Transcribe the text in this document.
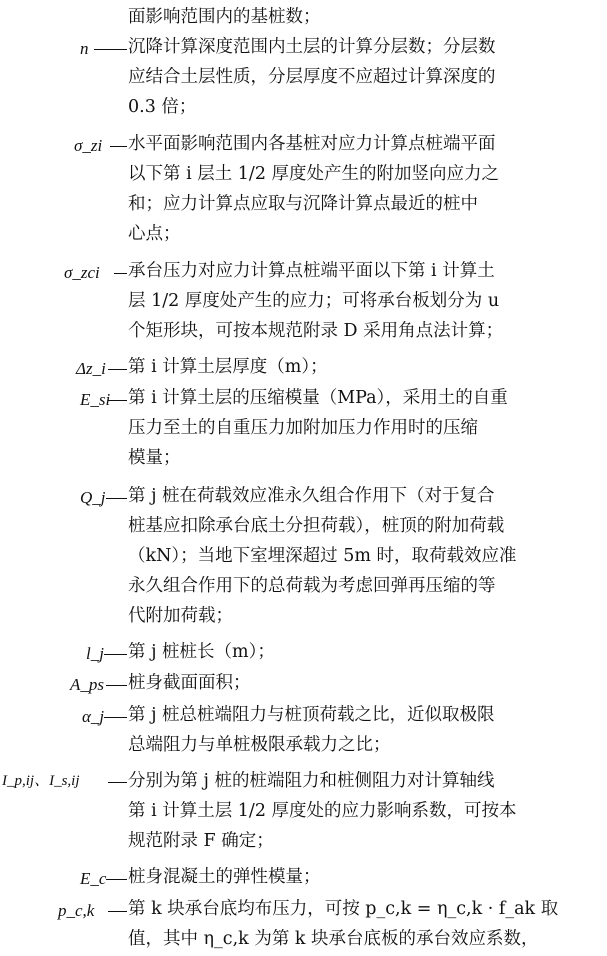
面影响范围内的基桩数；
n 沉降计算深度范围内土层的计算分层数；分层数
应结合土层性质，分层厚度不应超过计算深度的
0.3 倍；
σ_zi 水平面影响范围内各基桩对应力计算点桩端平面
以下第 i 层土 1/2 厚度处产生的附加竖向应力之
和；应力计算点应取与沉降计算点最近的桩中
心点；
σ_zci 承台压力对应力计算点桩端平面以下第 i 计算土
层 1/2 厚度处产生的应力；可将承台板划分为 u
个矩形块，可按本规范附录 D 采用角点法计算；
Δz_i 第 i 计算土层厚度（m）；
E_si 第 i 计算土层的压缩模量（MPa），采用土的自重
压力至土的自重压力加附加压力作用时的压缩
模量；
Q_j 第 j 桩在荷载效应准永久组合作用下（对于复合
桩基应扣除承台底土分担荷载），桩顶的附加荷载
（kN）；当地下室埋深超过 5m 时，取荷载效应准
永久组合作用下的总荷载为考虑回弹再压缩的等
代附加荷载；
l_j 第 j 桩桩长（m）；
A_ps 桩身截面面积；
α_j 第 j 桩总桩端阻力与桩顶荷载之比，近似取极限
总端阻力与单桩极限承载力之比；
I_p,ij、I_s,ij	分别为第 j 桩的桩端阻力和桩侧阻力对计算轴线
第 i 计算土层 1/2 厚度处的应力影响系数，可按本
规范附录 F 确定；
E_c 桩身混凝土的弹性模量；
p_c,k 第 k 块承台底均布压力，可按 p_c,k = η_c,k · f_ak 取
值，其中 η_c,k 为第 k 块承台底板的承台效应系数，
